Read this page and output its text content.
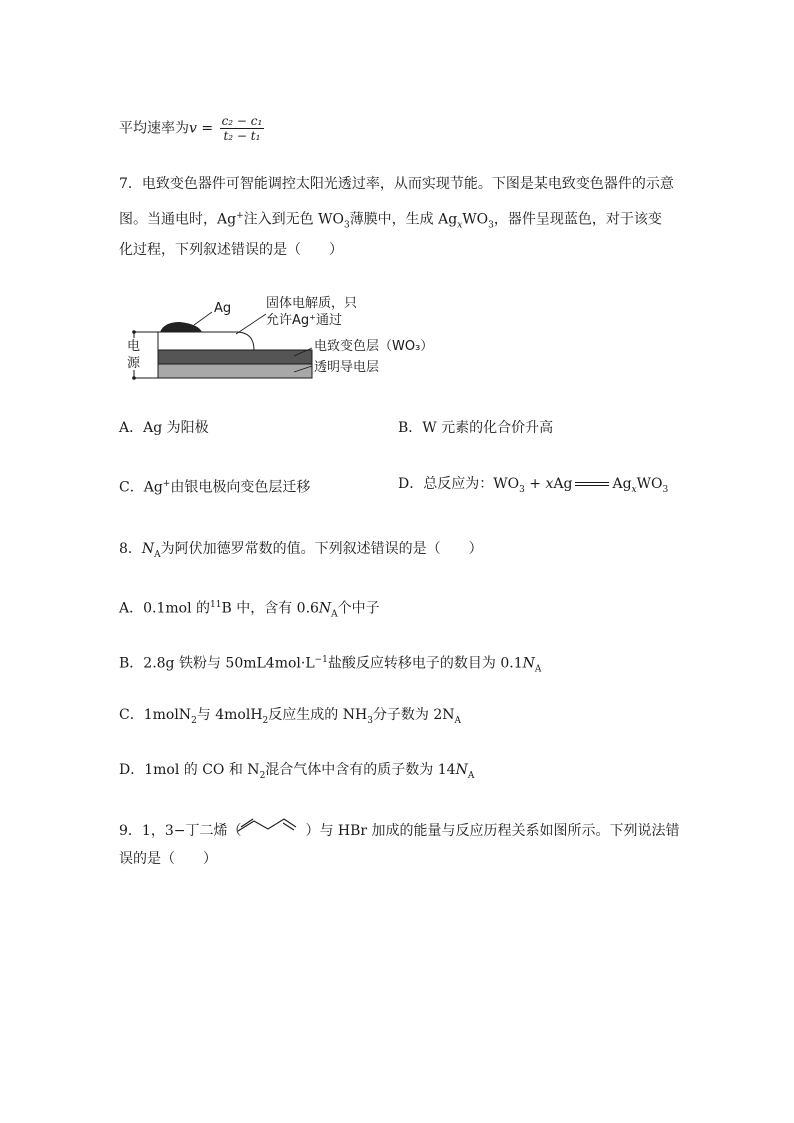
平均速率为$v = \frac{\text{c₂ − c₁}}{\text{t₂ − t₁}}$
7．电致变色器件可智能调控太阳光透过率，从而实现节能。下图是某电致变色器件的示意
图。当通电时，Ag+注入到无色 $WO_3$薄膜中，生成 $Ag_xWO_3$，器件呈现蓝色，对于该变
化过程，下列叙述错误的是（　　）
电
源
Ag	固体电解质，只
允许Ag⁺通过
电致变色层（WO₃）
透明导电层
A．Ag 为阳极	B．W 元素的化合价升高
C．Ag+由银电极向变色层迁移	D．总反应为：$WO_3$ + xAg	$Ag_xWO_3$
8．$N_A$为阿伏加德罗常数的值。下列叙述错误的是（　　）
A．0.1mol 的$^{11}$B 中，含有 $0.6N_A$个中子
B．2.8g 铁粉与 $50mL4mol\cdot L^{-1}$盐酸反应转移电子的数目为 $0.1N_A$
C．1molN$_2$与 4molH$_2$反应生成的 $NH_3$分子数为 $2N_A$
D．1mol 的 CO 和 $N_2$混合气体中含有的质子数为 $14N_A$
9．1，3−丁二烯（	）与 HBr 加成的能量与反应历程关系如图所示。下列说法错
误的是（　　）
